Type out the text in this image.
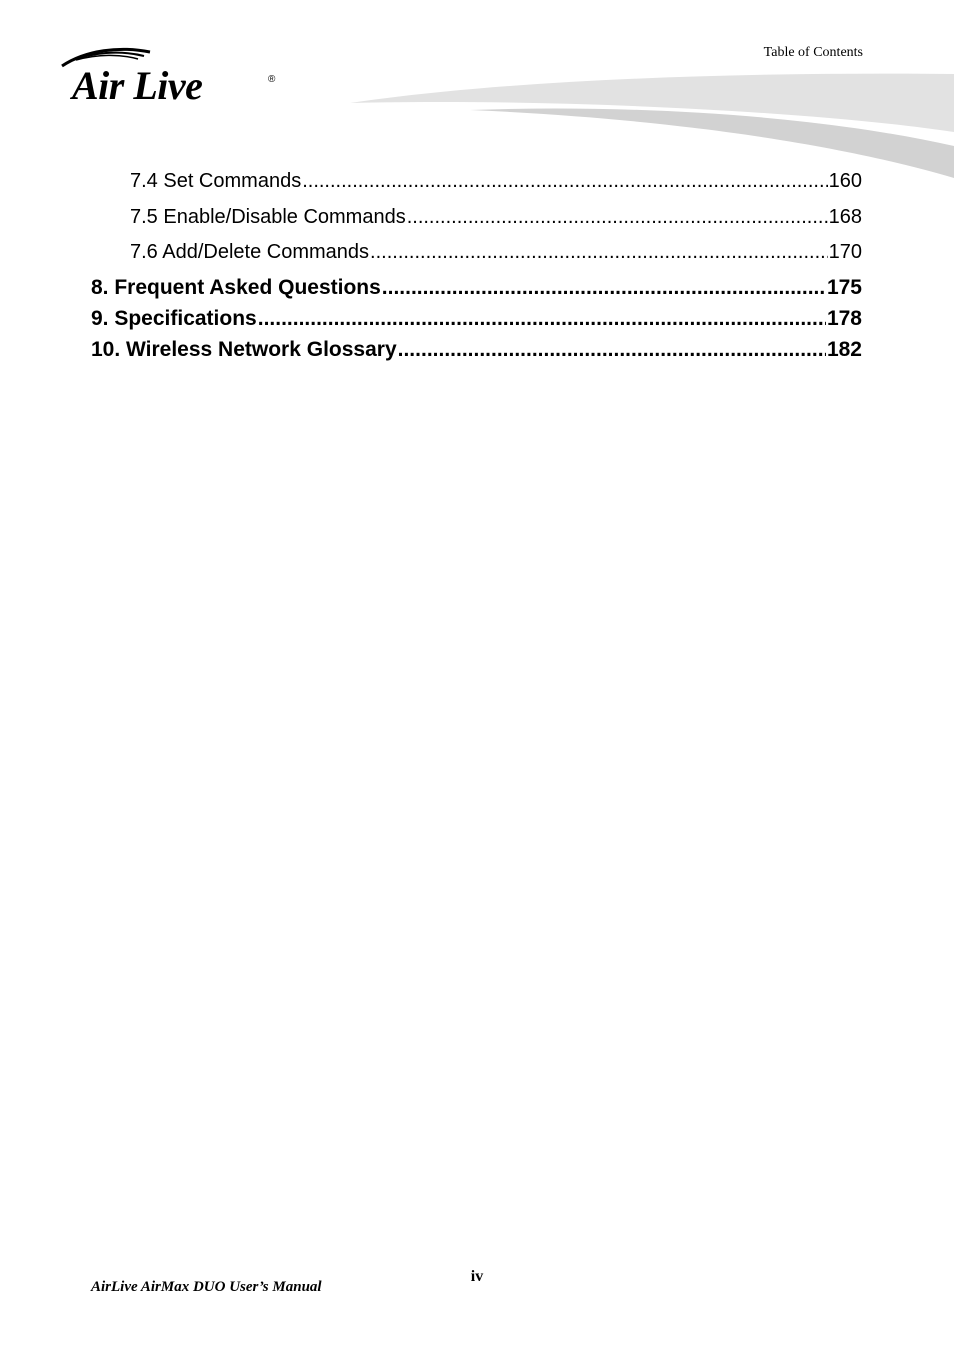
Air Live	®
Table of Contents
7.4 Set Commands .....	160
7.5 Enable/Disable Commands .....	168
7.6 Add/Delete Commands .....	170
8. Frequent Asked Questions .....	175
9. Specifications .....	178
10. Wireless Network Glossary .....	182
iv
AirLive AirMax DUO User’s Manual
